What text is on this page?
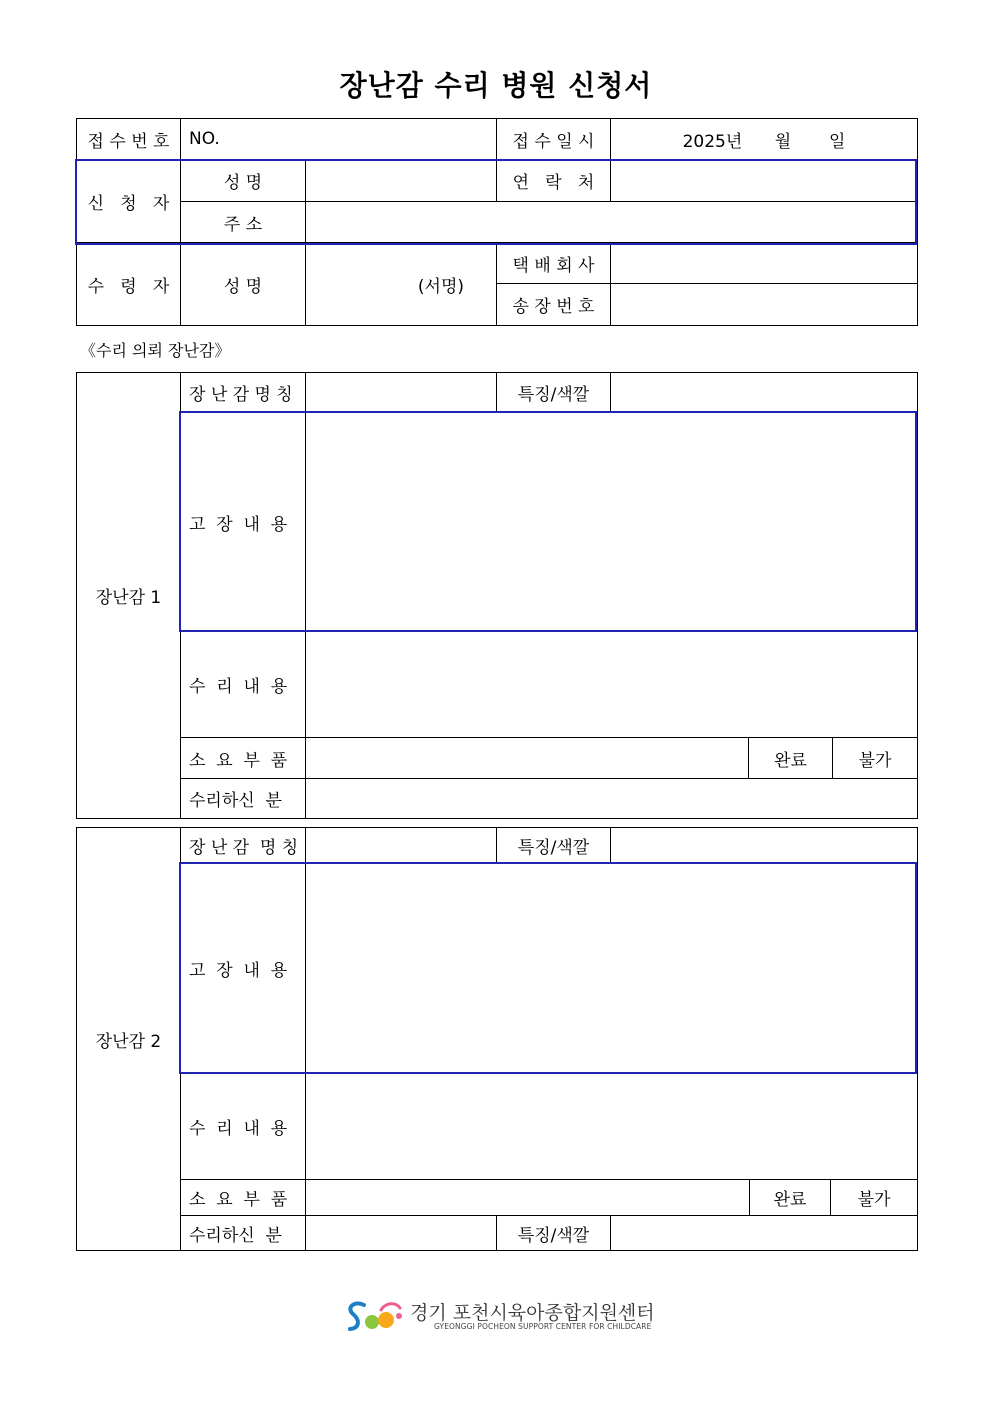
장난감 수리 병원 신청서
접 수 번 호	NO.		접 수 일 시	2025년      월       일
신   청   자	성 명		연   락   처	
	주 소			
수   령   자	성 명	(서명)	택 배 회 사	
			송 장 번 호	
《수리 의뢰 장난감》
장난감 1	장 난 감 명 칭		특징/색깔			
	고  장  내  용					
	수  리  내  용					
	소  요  부  품				완료	불가
	수리하신  분					
장난감 2	장 난 감  명 칭		특징/색깔			
	고  장  내  용					
	수  리  내  용					
	소  요  부  품				완료	불가
	수리하신  분		특징/색깔			
경기 포천시육아종합지원센터
GYEONGGI POCHEON SUPPORT CENTER FOR CHILDCARE
